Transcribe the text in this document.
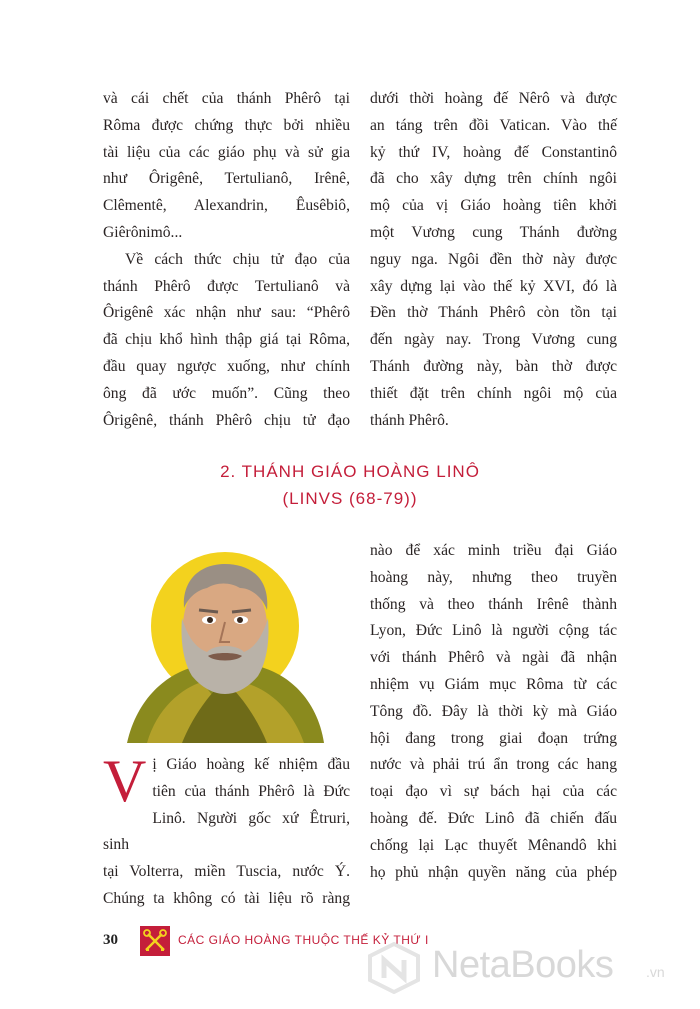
và cái chết của thánh Phêrô tại
Rôma được chứng thực bởi nhiều
tài liệu của các giáo phụ và sử gia
như Ôrigênê, Tertulianô, Irênê,
Clêmentê, Alexandrin, Êusêbiô,
Giêrônimô...

Về cách thức chịu tử đạo của
thánh Phêrô được Tertulianô và
Ôrigênê xác nhận như sau: “Phêrô
đã chịu khổ hình thập giá tại Rôma,
đầu quay ngược xuống, như chính
ông đã ước muốn”. Cũng theo
Ôrigênê, thánh Phêrô chịu tử đạo

dưới thời hoàng đế Nêrô và được
an táng trên đồi Vatican. Vào thế
kỷ thứ IV, hoàng đế Constantinô
đã cho xây dựng trên chính ngôi
mộ của vị Giáo hoàng tiên khởi
một Vương cung Thánh đường
nguy nga. Ngôi đền thờ này được
xây dựng lại vào thế kỷ XVI, đó là
Đền thờ Thánh Phêrô còn tồn tại
đến ngày nay. Trong Vương cung
Thánh đường này, bàn thờ được
thiết đặt trên chính ngôi mộ của
thánh Phêrô.

2. THÁNH GIÁO HOÀNG LINÔ
(LINVS (68-79))

nào để xác minh triều đại Giáo
hoàng này, nhưng theo truyền
thống và theo thánh Irênê thành
Lyon, Đức Linô là người cộng tác
với thánh Phêrô và ngài đã nhận
nhiệm vụ Giám mục Rôma từ các
Tông đồ. Đây là thời kỳ mà Giáo
hội đang trong giai đoạn trứng
nước và phải trú ẩn trong các hang
toại đạo vì sự bách hại của các
hoàng đế. Đức Linô đã chiến đấu
chống lại Lạc thuyết Mênandô khi
họ phủ nhận quyền năng của phép

V ị Giáo hoàng kế nhiệm đầu
tiên của thánh Phêrô là Đức
Linô. Người gốc xứ Êtruri, sinh
tại Volterra, miền Tuscia, nước Ý.
Chúng ta không có tài liệu rõ ràng

30	CÁC GIÁO HOÀNG THUỘC THẾ KỶ THỨ I
NetaBooks .vn
